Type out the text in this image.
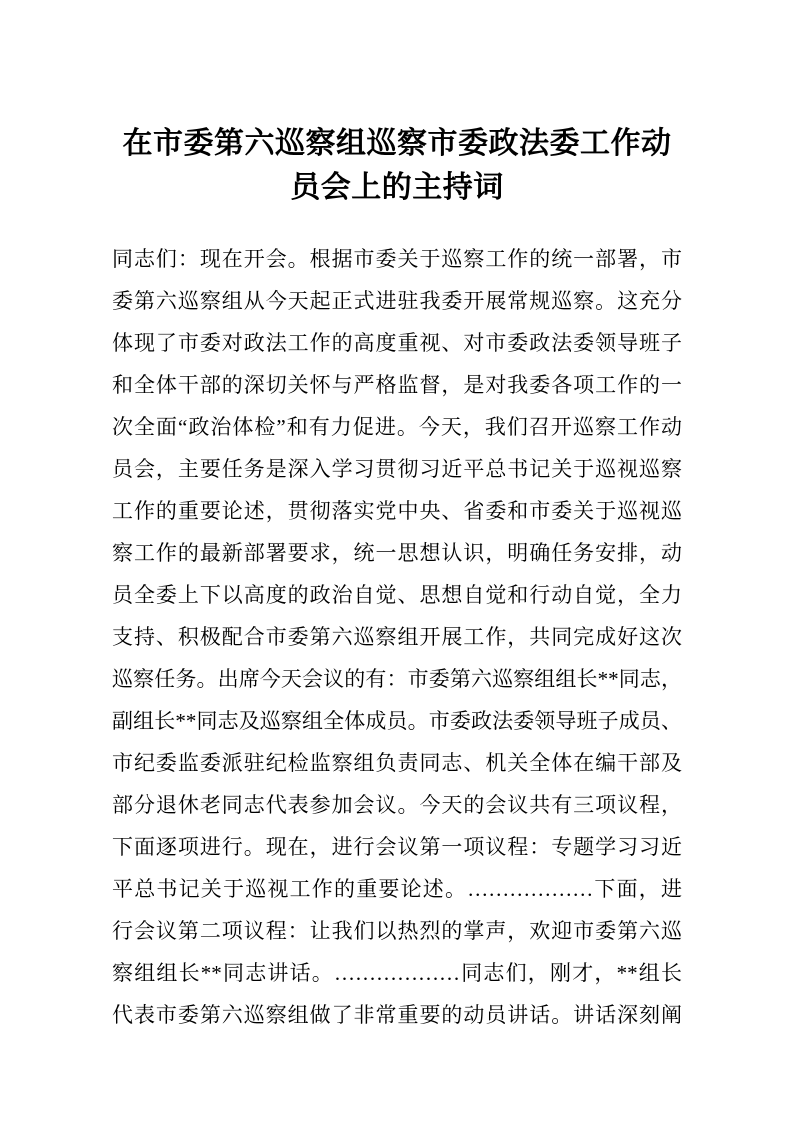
在市委第六巡察组巡察市委政法委工作动
员会上的主持词
同志们：现在开会。根据市委关于巡察工作的统一部署，市
委第六巡察组从今天起正式进驻我委开展常规巡察。这充分
体现了市委对政法工作的高度重视、对市委政法委领导班子
和全体干部的深切关怀与严格监督，是对我委各项工作的一
次全面“政治体检”和有力促进。今天，我们召开巡察工作动
员会，主要任务是深入学习贯彻习近平总书记关于巡视巡察
工作的重要论述，贯彻落实党中央、省委和市委关于巡视巡
察工作的最新部署要求，统一思想认识，明确任务安排，动
员全委上下以高度的政治自觉、思想自觉和行动自觉，全力
支持、积极配合市委第六巡察组开展工作，共同完成好这次
巡察任务。出席今天会议的有：市委第六巡察组组长**同志，
副组长**同志及巡察组全体成员。市委政法委领导班子成员、
市纪委监委派驻纪检监察组负责同志、机关全体在编干部及
部分退休老同志代表参加会议。今天的会议共有三项议程，
下面逐项进行。现在，进行会议第一项议程：专题学习习近
平总书记关于巡视工作的重要论述。………………下面，进
行会议第二项议程：让我们以热烈的掌声，欢迎市委第六巡
察组组长**同志讲话。………………同志们，刚才，**组长
代表市委第六巡察组做了非常重要的动员讲话。讲话深刻阐
